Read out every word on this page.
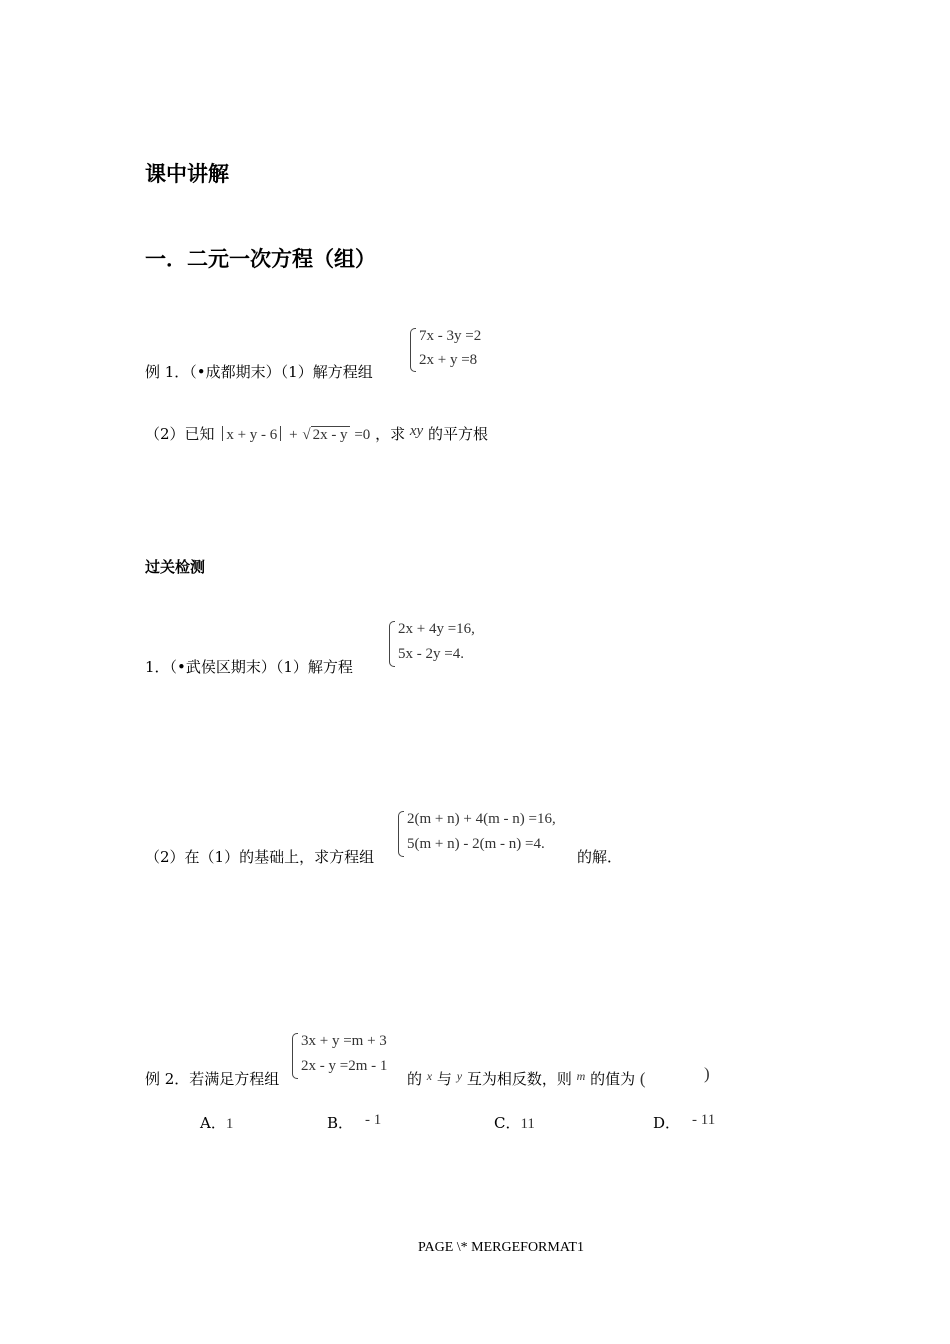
课中讲解
一．二元一次方程（组）
例 1．（•成都期末）（1）解方程组
7x - 3y =2
2x + y =8
（2）已知 x + y - 6 + √ 2x - y =0 ，求 xy 的平方根
过关检测
1．（•武侯区期末）（1）解方程
2x + 4y =16,
5x - 2y =4.
（2）在（1）的基础上，求方程组
2(m + n) + 4(m - n) =16,
5(m + n) - 2(m - n) =4.
的解．
例 2．若满足方程组
3x + y =m + 3
2x - y =2m - 1
的 $^x$ 与 $^y$ 互为相反数，则 $^m$ 的值为 (	)
A．1	B． - 1	C．11	D． - 11
PAGE \* MERGEFORMAT1
